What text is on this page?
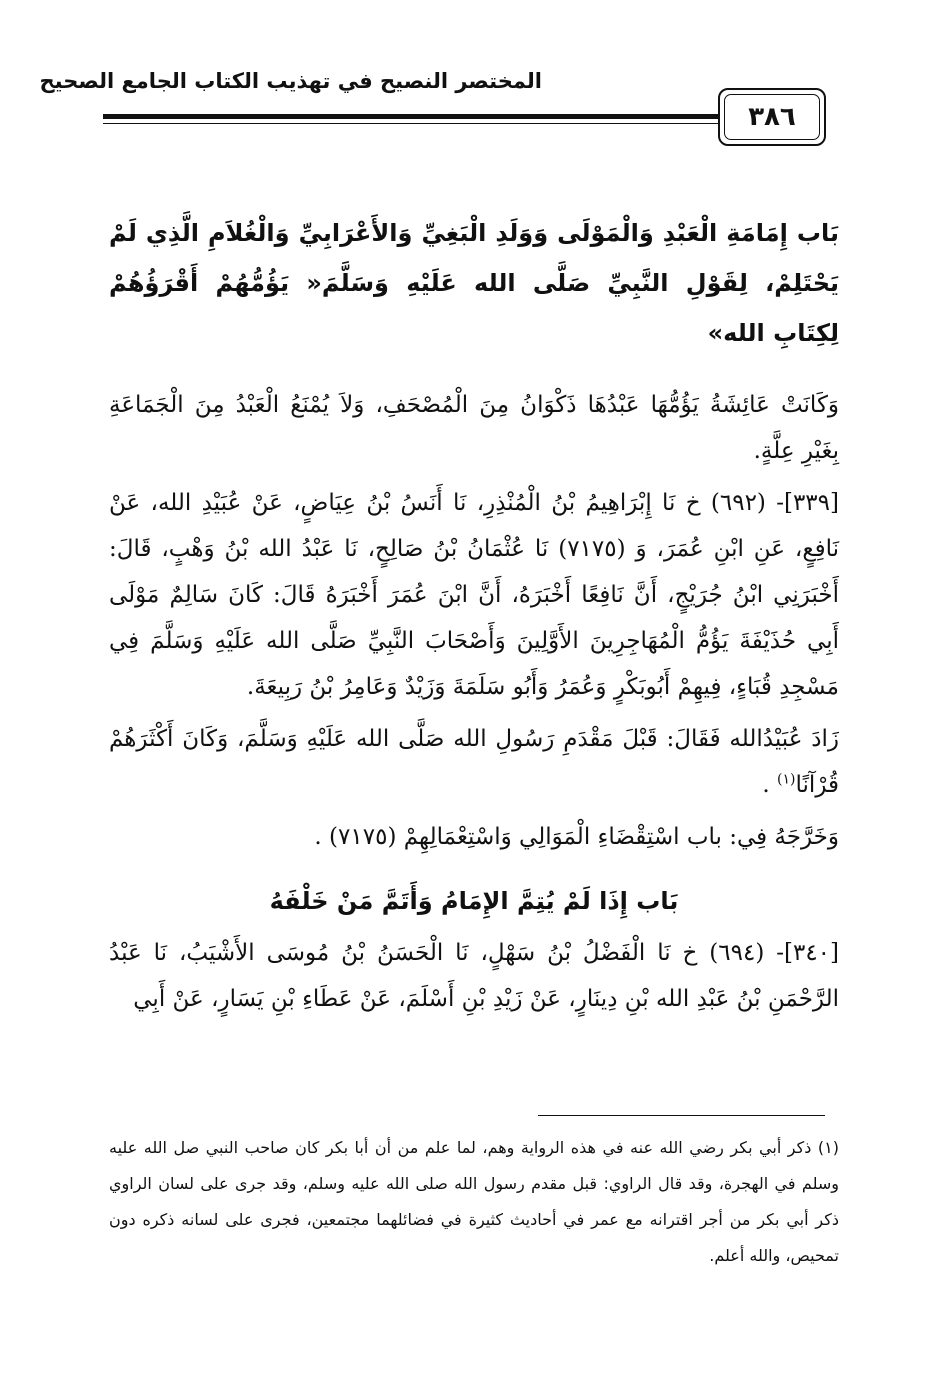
المختصر النصيح في تهذيب الكتاب الجامع الصحيح
٣٨٦
بَاب إِمَامَةِ الْعَبْدِ وَالْمَوْلَى وَوَلَدِ الْبَغِيِّ وَالأَعْرَابِيِّ وَالْغُلاَمِ الَّذِي لَمْ يَحْتَلِمْ، لِقَوْلِ النَّبِيِّ صَلَّى الله عَلَيْهِ وَسَلَّمَ« يَؤُمُّهُمْ أَقْرَؤُهُمْ لِكِتَابِ الله»

وَكَانَتْ عَائِشَةُ يَؤُمُّهَا عَبْدُهَا ذَكْوَانُ مِنَ الْمُصْحَفِ، وَلاَ يُمْنَعُ الْعَبْدُ مِنَ الْجَمَاعَةِ بِغَيْرِ عِلَّةٍ.

[٣٣٩]- (٦٩٢) خ نَا إِبْرَاهِيمُ بْنُ الْمُنْذِرِ، نَا أَنَسُ بْنُ عِيَاضٍ، عَنْ عُبَيْدِ الله، عَنْ نَافِعٍ، عَنِ ابْنِ عُمَرَ، وَ (٧١٧٥) نَا عُثْمَانُ بْنُ صَالِحٍ، نَا عَبْدُ الله بْنُ وَهْبٍ، قَالَ: أَخْبَرَنِي ابْنُ جُرَيْجٍ، أَنَّ نَافِعًا أَخْبَرَهُ، أَنَّ ابْنَ عُمَرَ أَخْبَرَهُ قَالَ: كَانَ سَالِمٌ مَوْلَى أَبِي حُذَيْفَةَ يَؤُمُّ الْمُهَاجِرِينَ الأَوَّلِينَ وَأَصْحَابَ النَّبِيِّ صَلَّى الله عَلَيْهِ وَسَلَّمَ فِي مَسْجِدِ قُبَاءٍ، فِيهِمْ أَبُوبَكْرٍ وَعُمَرُ وَأَبُو سَلَمَةَ وَزَيْدٌ وَعَامِرُ بْنُ رَبِيعَةَ.

زَادَ عُبَيْدُالله فَقَالَ: قَبْلَ مَقْدَمِ رَسُولِ الله صَلَّى الله عَلَيْهِ وَسَلَّمَ، وَكَانَ أَكْثَرَهُمْ قُرْآنًا$^{(١)}$ .

وَخَرَّجَهُ فِي: باب اسْتِقْضَاءِ الْمَوَالِي وَاسْتِعْمَالِهِمْ (٧١٧٥) .

بَاب إِذَا لَمْ يُتِمَّ الإِمَامُ وَأَتَمَّ مَنْ خَلْفَهُ

[٣٤٠]- (٦٩٤) خ نَا الْفَضْلُ بْنُ سَهْلٍ، نَا الْحَسَنُ بْنُ مُوسَى الأَشْيَبُ، نَا عَبْدُ الرَّحْمَنِ بْنُ عَبْدِ الله بْنِ دِينَارٍ، عَنْ زَيْدِ بْنِ أَسْلَمَ، عَنْ عَطَاءِ بْنِ يَسَارٍ، عَنْ أَبِي

(١) ذكر أبي بكر رضي الله عنه في هذه الرواية وهم، لما علم من أن أبا بكر كان صاحب النبي صل الله عليه وسلم في الهجرة، وقد قال الراوي: قبل مقدم رسول الله صلى الله عليه وسلم، وقد جرى على لسان الراوي ذكر أبي بكر من أجر اقترانه مع عمر في أحاديث كثيرة في فضائلهما مجتمعين، فجرى على لسانه ذكره دون تمحيص، والله أعلم.
